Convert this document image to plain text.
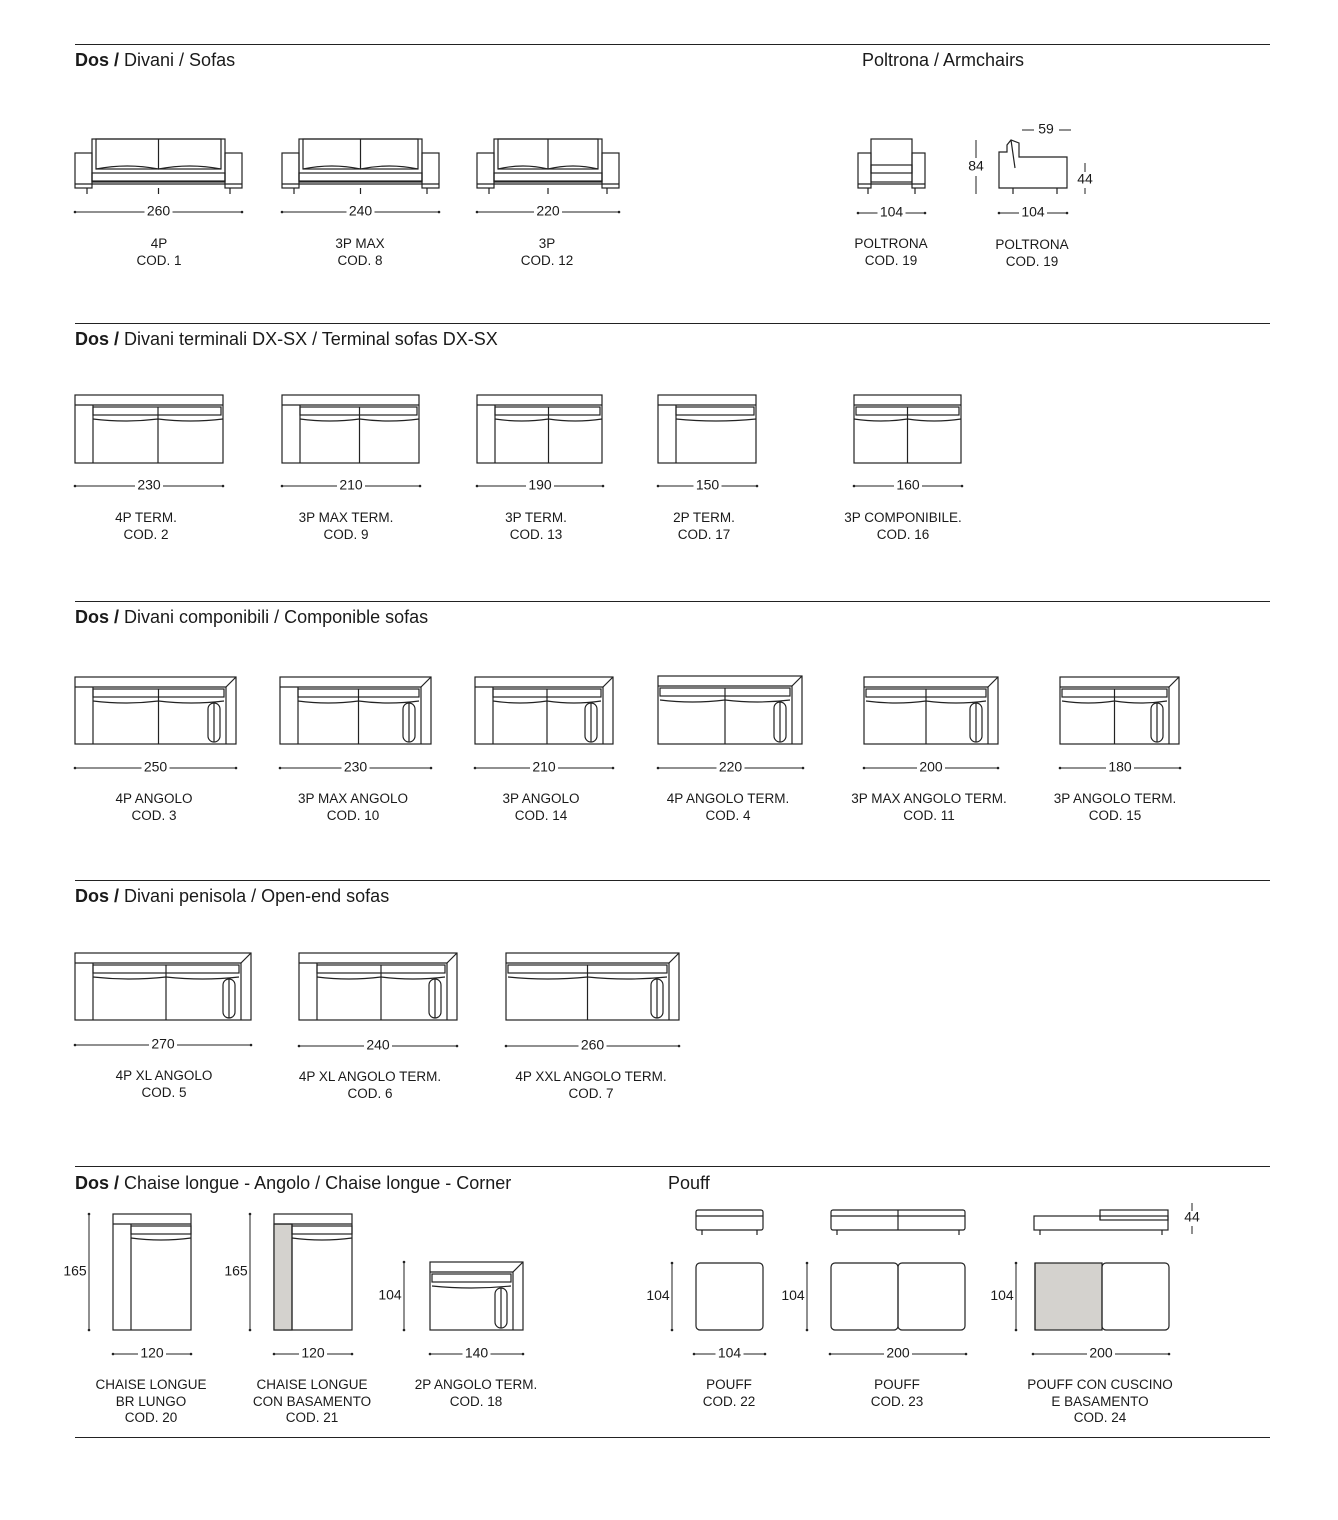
Dos / Divani / Sofas	Poltrona / Armchairs
Dos / Divani terminali DX-SX / Terminal sofas DX-SX
Dos / Divani componibili / Componible sofas
Dos / Divani penisola / Open-end sofas
Dos / Chaise longue - Angolo / Chaise longue - Corner	Pouff
260	240	220	104	104
59
84
44
230	210	190	150	160
250	230	210	220	200	180
270	240	260
120
165
120
165
140
104
104
104
200
104
200
104
44
4P
COD. 1
3P MAX
COD. 8
3P
COD. 12
POLTRONA
COD. 19
POLTRONA
COD. 19
4P TERM.
COD. 2
3P MAX TERM.
COD. 9
3P TERM.
COD. 13
2P TERM.
COD. 17
3P COMPONIBILE.
COD. 16
4P ANGOLO
COD. 3
3P MAX ANGOLO
COD. 10
3P ANGOLO
COD. 14
4P ANGOLO TERM.
COD. 4
3P MAX ANGOLO TERM.
COD. 11
3P ANGOLO TERM.
COD. 15
4P XL ANGOLO
COD. 5
4P XL ANGOLO TERM.
COD. 6
4P XXL ANGOLO TERM.
COD. 7
CHAISE LONGUE
BR LUNGO
COD. 20
CHAISE LONGUE
CON BASAMENTO
COD. 21
2P ANGOLO TERM.
COD. 18
POUFF
COD. 22
POUFF
COD. 23
POUFF CON CUSCINO
E BASAMENTO
COD. 24
